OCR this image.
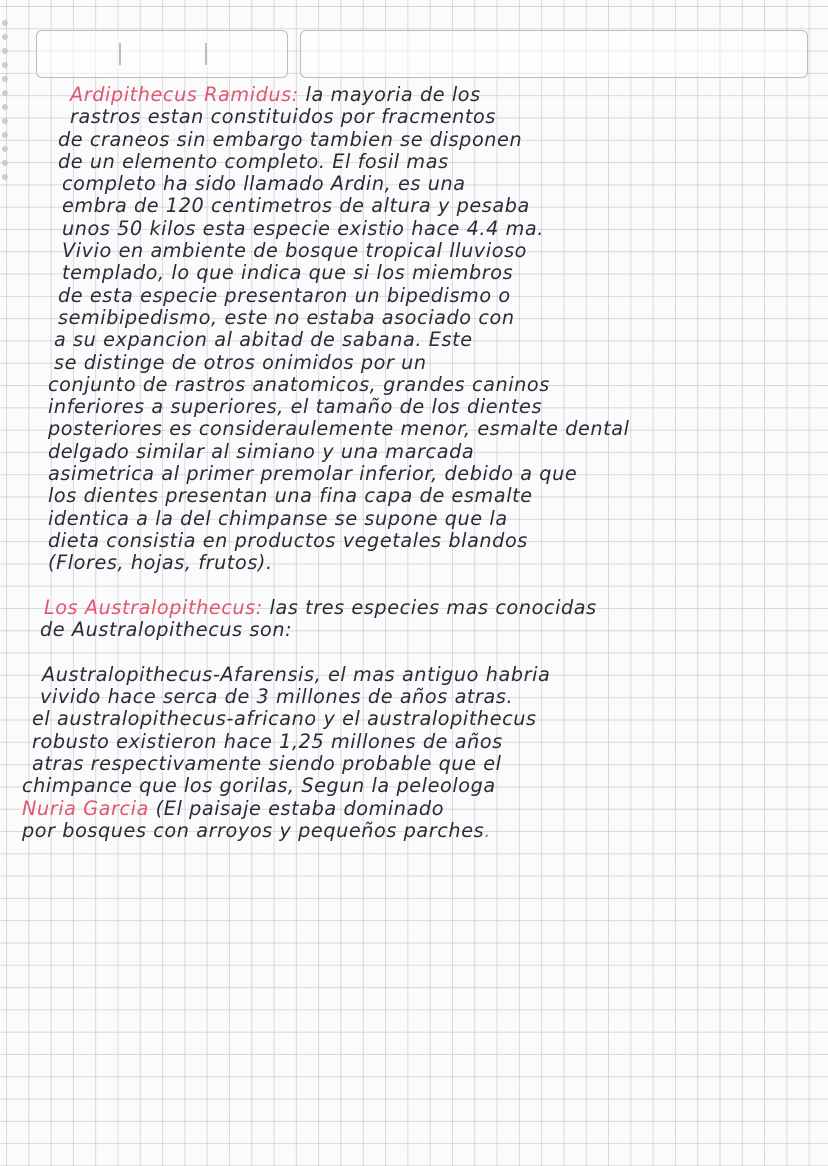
Ardipithecus Ramidus: la mayoria de los
rastros estan constituidos por fracmentos
de craneos sin embargo tambien se disponen
de un elemento completo. El fosil mas
completo ha sido llamado Ardin, es una
embra de 120 centimetros de altura y pesaba
unos 50 kilos esta especie existio hace 4.4 ma.
Vivio en ambiente de bosque tropical lluvioso
templado, lo que indica que si los miembros
de esta especie presentaron un bipedismo o
semibipedismo, este no estaba asociado con
a su expancion al abitad de sabana. Este
se distinge de otros onimidos por un
conjunto de rastros anatomicos, grandes caninos
inferiores a superiores, el tamaño de los dientes
posteriores es consideraulemente menor, esmalte dental
delgado similar al simiano y una marcada
asimetrica al primer premolar inferior, debido a que
los dientes presentan una fina capa de esmalte
identica a la del chimpanse se supone que la
dieta consistia en productos vegetales blandos
(Flores, hojas, frutos).
Los Australopithecus: las tres especies mas conocidas
de Australopithecus son:
Australopithecus-Afarensis, el mas antiguo habria
vivido hace serca de 3 millones de años atras.
el australopithecus-africano y el australopithecus
robusto existieron hace 1,25 millones de años
atras respectivamente siendo probable que el
chimpance que los gorilas, Segun la peleologa
Nuria Garcia (El paisaje estaba dominado
por bosques con arroyos y pequeños parches.
